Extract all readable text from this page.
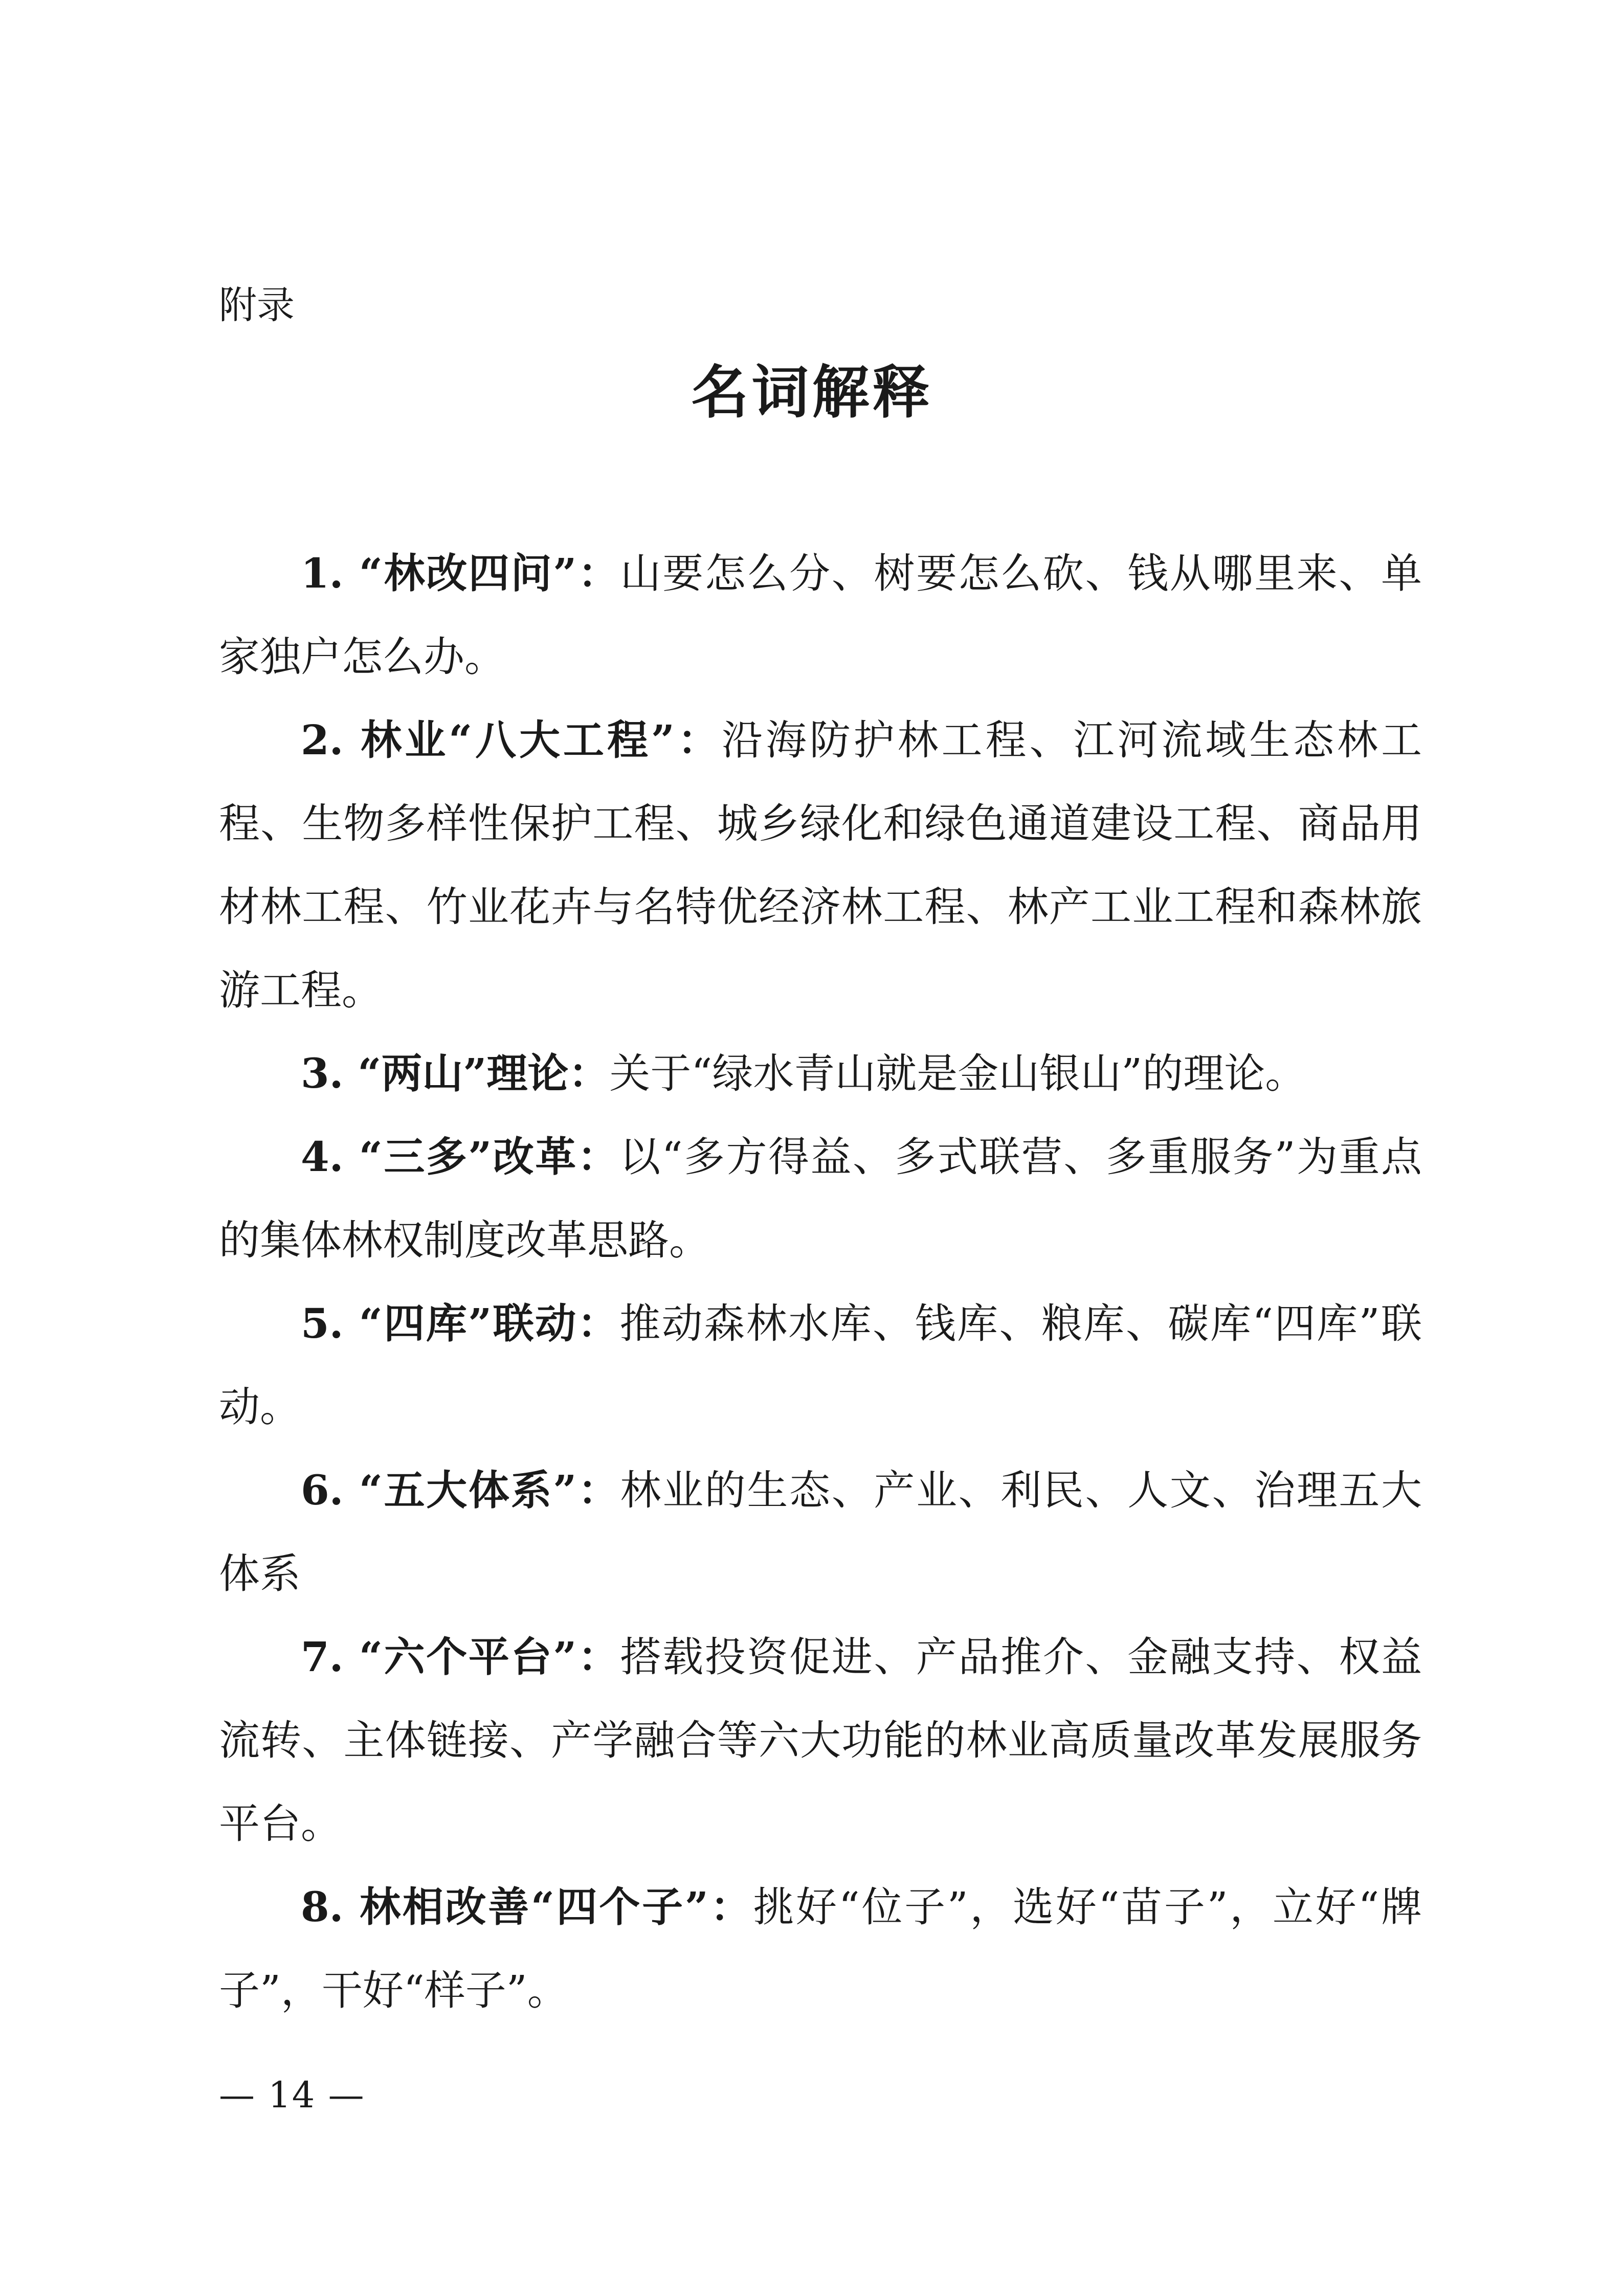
附录
名词解释

1. “林改四问”：山要怎么分、树要怎么砍、钱从哪里来、单家独户怎么办。

2. 林业“八大工程”：沿海防护林工程、江河流域生态林工程、生物多样性保护工程、城乡绿化和绿色通道建设工程、商品用材林工程、竹业花卉与名特优经济林工程、林产工业工程和森林旅游工程。

3. “两山”理论：关于“绿水青山就是金山银山”的理论。

4. “三多”改革：以“多方得益、多式联营、多重服务”为重点的集体林权制度改革思路。

5. “四库”联动：推动森林水库、钱库、粮库、碳库“四库”联动。

6. “五大体系”：林业的生态、产业、利民、人文、治理五大体系

7. “六个平台”：搭载投资促进、产品推介、金融支持、权益流转、主体链接、产学融合等六大功能的林业高质量改革发展服务平台。

8. 林相改善“四个子”：挑好“位子”，选好“苗子”，立好“牌子”，干好“样子”。

— 14 —
